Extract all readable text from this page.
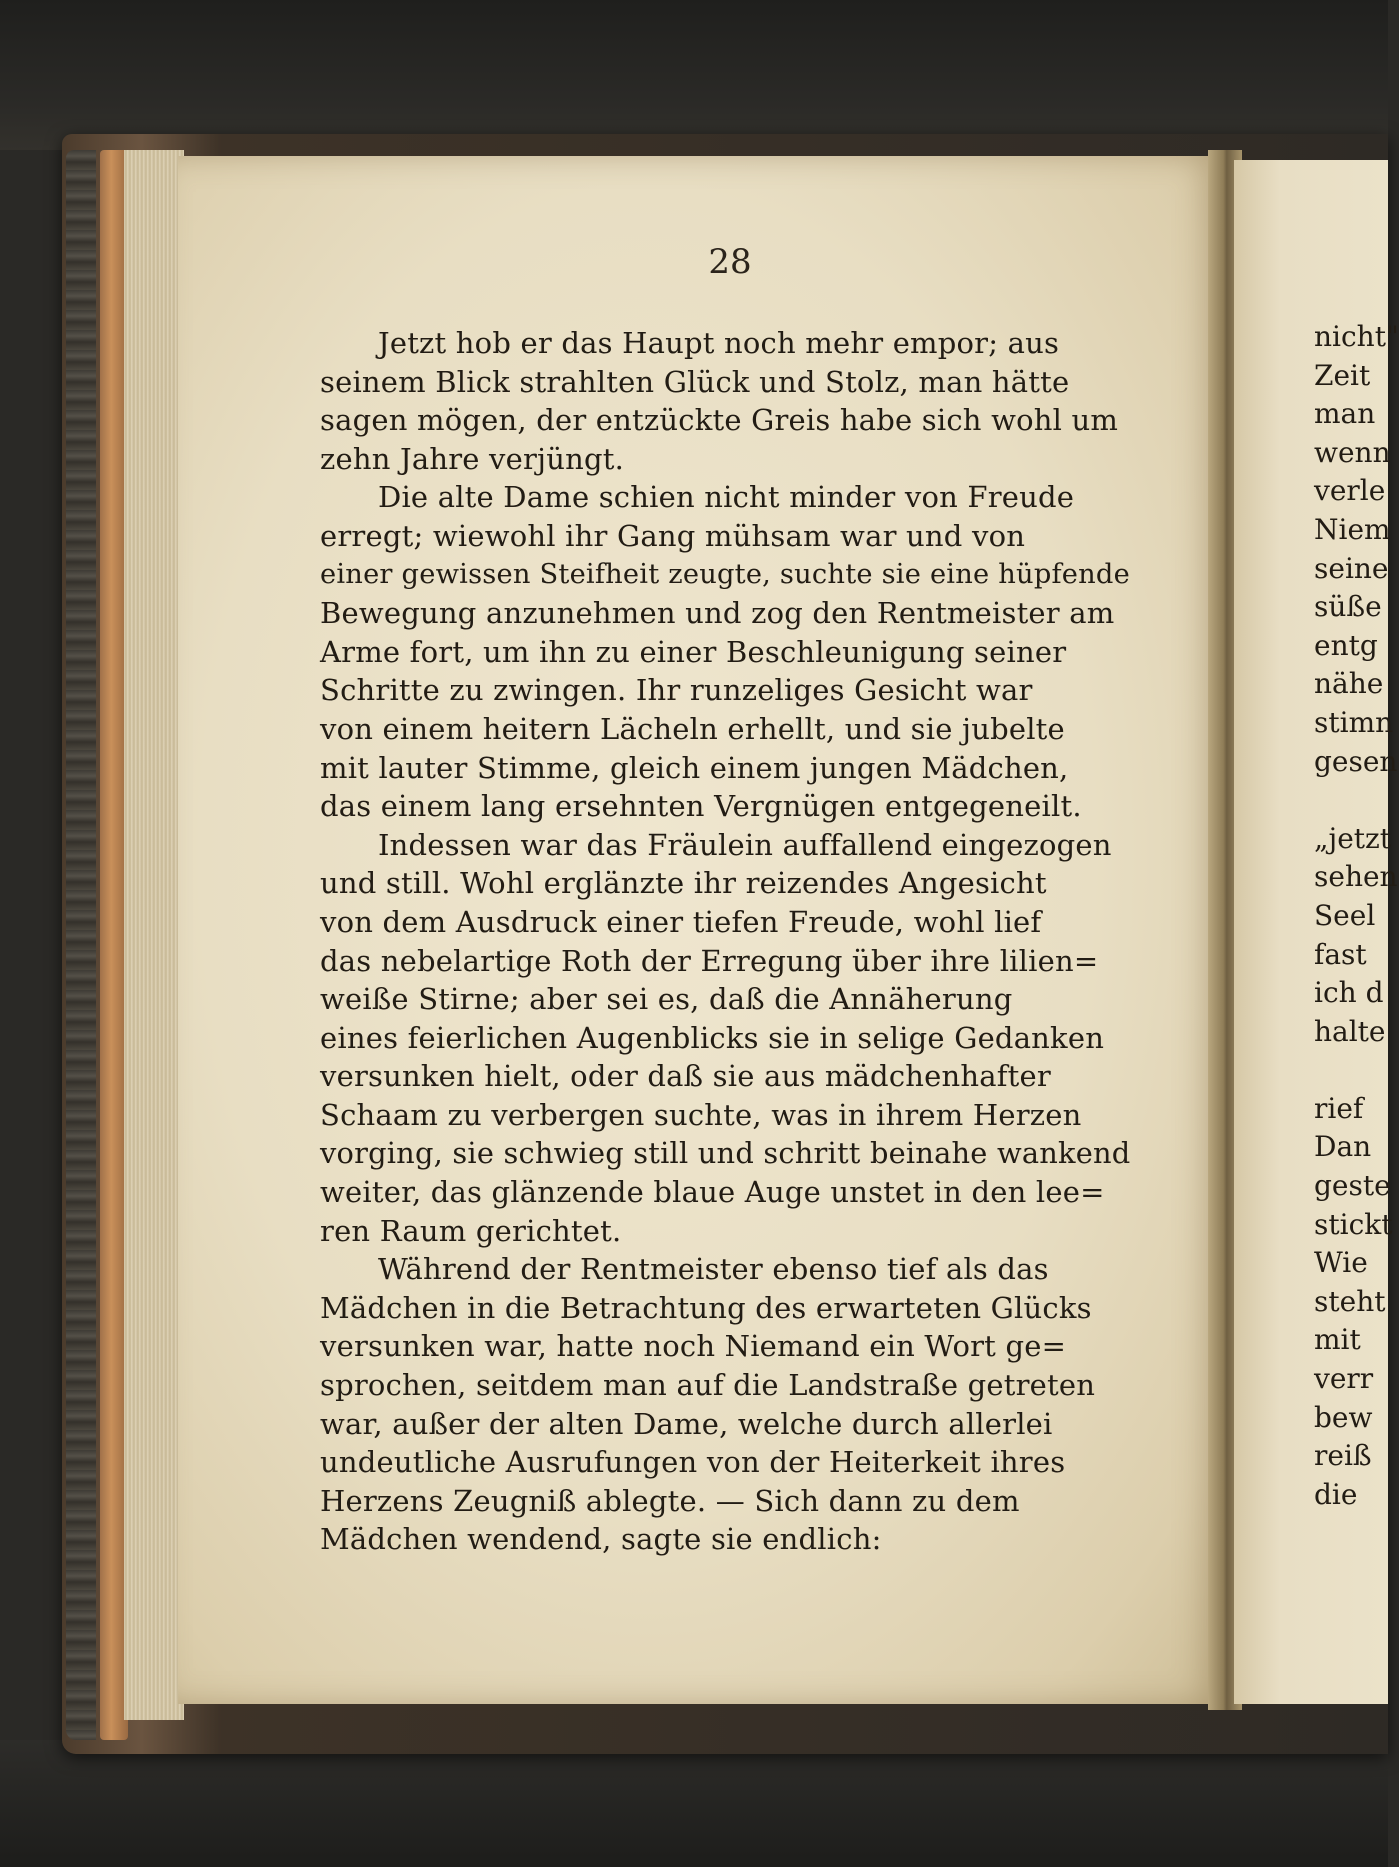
28
Jetzt hob er das Haupt noch mehr empor; aus
seinem Blick strahlten Glück und Stolz, man hätte
sagen mögen, der entzückte Greis habe sich wohl um
zehn Jahre verjüngt.
Die alte Dame schien nicht minder von Freude
erregt; wiewohl ihr Gang mühsam war und von
einer gewissen Steifheit zeugte, suchte sie eine hüpfende
Bewegung anzunehmen und zog den Rentmeister am
Arme fort, um ihn zu einer Beschleunigung seiner
Schritte zu zwingen. Ihr runzeliges Gesicht war
von einem heitern Lächeln erhellt, und sie jubelte
mit lauter Stimme, gleich einem jungen Mädchen,
das einem lang ersehnten Vergnügen entgegeneilt.
Indessen war das Fräulein auffallend eingezogen
und still. Wohl erglänzte ihr reizendes Angesicht
von dem Ausdruck einer tiefen Freude, wohl lief
das nebelartige Roth der Erregung über ihre lilien=
weiße Stirne; aber sei es, daß die Annäherung
eines feierlichen Augenblicks sie in selige Gedanken
versunken hielt, oder daß sie aus mädchenhafter
Schaam zu verbergen suchte, was in ihrem Herzen
vorging, sie schwieg still und schritt beinahe wankend
weiter, das glänzende blaue Auge unstet in den lee=
ren Raum gerichtet.
Während der Rentmeister ebenso tief als das
Mädchen in die Betrachtung des erwarteten Glücks
versunken war, hatte noch Niemand ein Wort ge=
sprochen, seitdem man auf die Landstraße getreten
war, außer der alten Dame, welche durch allerlei
undeutliche Ausrufungen von der Heiterkeit ihres
Herzens Zeugniß ablegte. — Sich dann zu dem
Mädchen wendend, sagte sie endlich:
nicht"
Zeit
man
wenn
verle
Niem
seine
süße
entg
nähe
stimn
gesen
„jetzt
sehen
Seel
fast
ich d
halte
rief
Dan
geste
stickt
Wie
steht
mit
verr
bew
reiß
die
